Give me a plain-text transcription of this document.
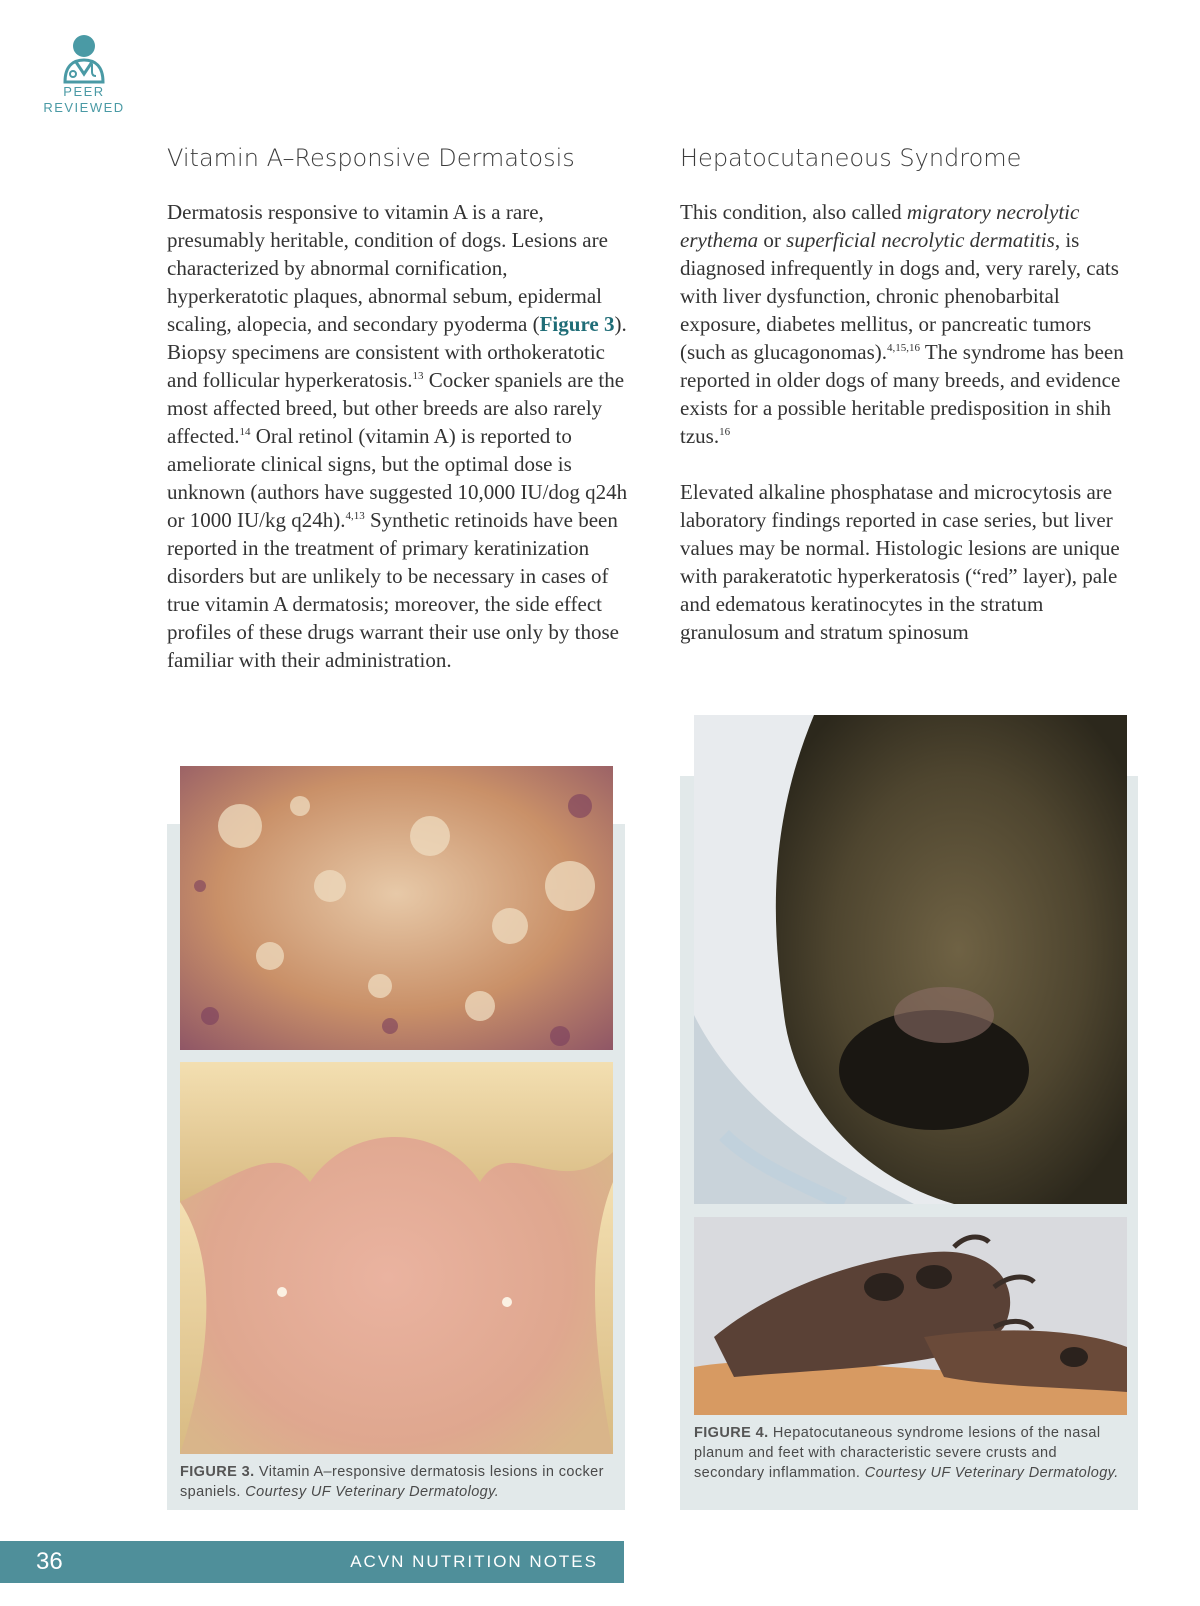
PEER
REVIEWED
Vitamin A–Responsive Dermatosis	Hepatocutaneous Syndrome

Dermatosis responsive to vitamin A is a rare, presumably heritable, condition of dogs. Lesions are characterized by abnormal cornification, hyperkeratotic plaques, abnormal sebum, epidermal scaling, alopecia, and secondary pyoderma (Figure 3). Biopsy specimens are consistent with orthokeratotic and follicular hyperkeratosis.$^{13}$ Cocker spaniels are the most affected breed, but other breeds are also rarely affected.$^{14}$ Oral retinol (vitamin A) is reported to ameliorate clinical signs, but the optimal dose is unknown (authors have suggested 10,000 IU/dog q24h or 1000 IU/kg q24h).$^{4,13}$ Synthetic retinoids have been reported in the treatment of primary keratinization disorders but are unlikely to be necessary in cases of true vitamin A dermatosis; moreover, the side effect profiles of these drugs warrant their use only by those familiar with their administration.

This condition, also called migratory necrolytic erythema or superficial necrolytic dermatitis, is diagnosed infrequently in dogs and, very rarely, cats with liver dysfunction, chronic phenobarbital exposure, diabetes mellitus, or pancreatic tumors (such as glucagonomas).$^{4,15,16}$ The syndrome has been reported in older dogs of many breeds, and evidence exists for a possible heritable predisposition in shih tzus.$^{16}$

Elevated alkaline phosphatase and microcytosis are laboratory findings reported in case series, but liver values may be normal. Histologic lesions are unique with parakeratotic hyperkeratosis (“red” layer), pale and edematous keratinocytes in the stratum granulosum and stratum spinosum

FIGURE 3. Vitamin A–responsive dermatosis lesions in cocker spaniels. Courtesy UF Veterinary Dermatology.
FIGURE 4. Hepatocutaneous syndrome lesions of the nasal planum and feet with characteristic severe crusts and secondary inflammation. Courtesy UF Veterinary Dermatology.
36	ACVN NUTRITION NOTES
